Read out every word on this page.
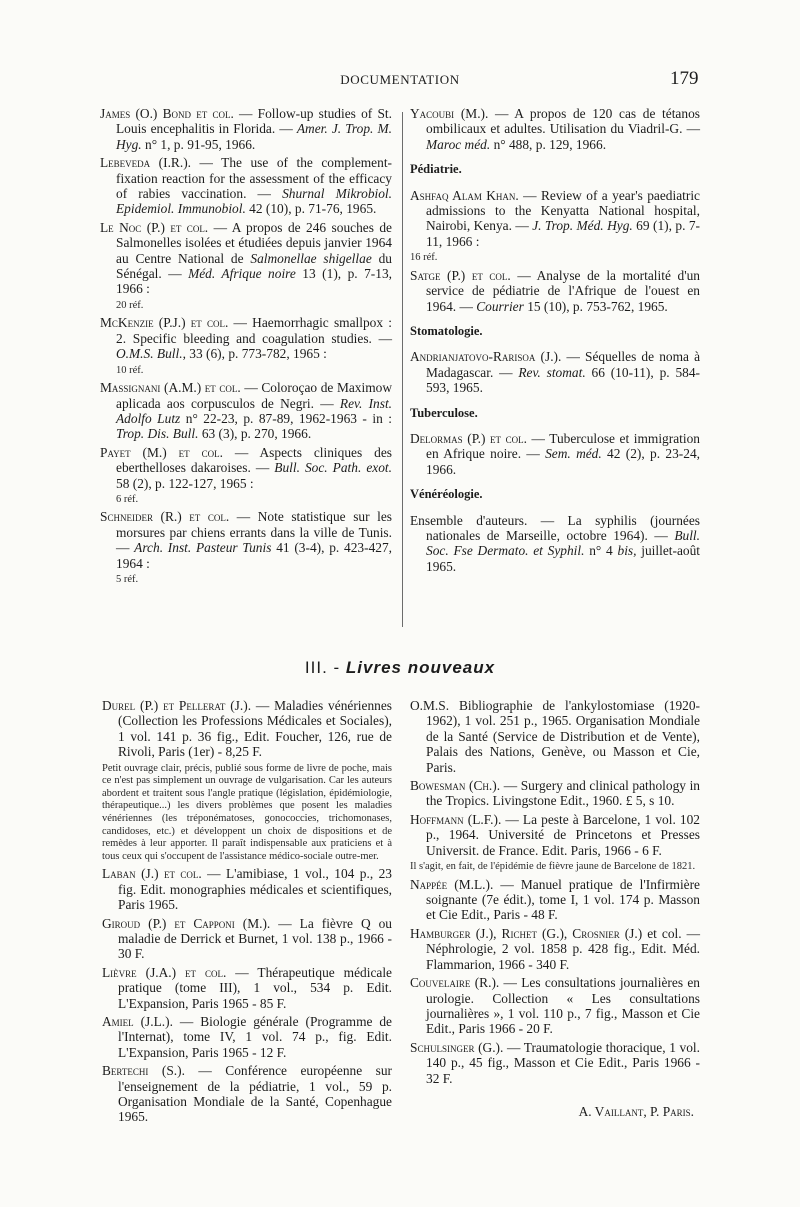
DOCUMENTATION	179
James (O.) Bond et col. — Follow-up studies of St. Louis encephalitis in Florida. — Amer. J. Trop. M. Hyg. n° 1, p. 91-95, 1966.
Lebeveda (I.R.). — The use of the complement-fixation reaction for the assessment of the efficacy of rabies vaccination. — Shurnal Mikrobiol. Epidemiol. Immunobiol. 42 (10), p. 71-76, 1965.
Le Noc (P.) et col. — A propos de 246 souches de Salmonelles isolées et étudiées depuis janvier 1964 au Centre National de Salmonellae shigellae du Sénégal. — Méd. Afrique noire 13 (1), p. 7-13, 1966 :
20 réf.
McKenzie (P.J.) et col. — Haemorrhagic smallpox : 2. Specific bleeding and coagulation studies. — O.M.S. Bull., 33 (6), p. 773-782, 1965 :
10 réf.
Massignani (A.M.) et col. — Coloroçao de Maximow aplicada aos corpusculos de Negri. — Rev. Inst. Adolfo Lutz n° 22-23, p. 87-89, 1962-1963 - in : Trop. Dis. Bull. 63 (3), p. 270, 1966.
Payet (M.) et col. — Aspects cliniques des eberthelloses dakaroises. — Bull. Soc. Path. exot. 58 (2), p. 122-127, 1965 :
6 réf.
Schneider (R.) et col. — Note statistique sur les morsures par chiens errants dans la ville de Tunis. — Arch. Inst. Pasteur Tunis 41 (3-4), p. 423-427, 1964 :
5 réf.
Yacoubi (M.). — A propos de 120 cas de tétanos ombilicaux et adultes. Utilisation du Viadril-G. — Maroc méd. n° 488, p. 129, 1966.
Pédiatrie.
Ashfaq Alam Khan. — Review of a year's paediatric admissions to the Kenyatta National hospital, Nairobi, Kenya. — J. Trop. Méd. Hyg. 69 (1), p. 7-11, 1966 :
16 réf.
Satge (P.) et col. — Analyse de la mortalité d'un service de pédiatrie de l'Afrique de l'ouest en 1964. — Courrier 15 (10), p. 753-762, 1965.
Stomatologie.
Andrianjatovo-Rarisoa (J.). — Séquelles de noma à Madagascar. — Rev. stomat. 66 (10-11), p. 584-593, 1965.
Tuberculose.
Delormas (P.) et col. — Tuberculose et immigration en Afrique noire. — Sem. méd. 42 (2), p. 23-24, 1966.
Vénéréologie.
Ensemble d'auteurs. — La syphilis (journées nationales de Marseille, octobre 1964). — Bull. Soc. Fse Dermato. et Syphil. n° 4 bis, juillet-août 1965.
III. - Livres nouveaux
Durel (P.) et Pellerat (J.). — Maladies vénériennes (Collection les Professions Médicales et Sociales), 1 vol. 141 p. 36 fig., Edit. Foucher, 126, rue de Rivoli, Paris (1er) - 8,25 F.
Petit ouvrage clair, précis, publié sous forme de livre de poche, mais ce n'est pas simplement un ouvrage de vulgarisation. Car les auteurs abordent et traitent sous l'angle pratique (législation, épidémiologie, thérapeutique...) les divers problèmes que posent les maladies vénériennes (les tréponématoses, gonococcies, trichomonases, candidoses, etc.) et développent un choix de dispositions et de remèdes à leur apporter. Il paraît indispensable aux praticiens et à tous ceux qui s'occupent de l'assistance médico-sociale outre-mer.
Laban (J.) et col. — L'amibiase, 1 vol., 104 p., 23 fig. Edit. monographies médicales et scientifiques, Paris 1965.
Giroud (P.) et Capponi (M.). — La fièvre Q ou maladie de Derrick et Burnet, 1 vol. 138 p., 1966 - 30 F.
Lièvre (J.A.) et col. — Thérapeutique médicale pratique (tome III), 1 vol., 534 p. Edit. L'Expansion, Paris 1965 - 85 F.
Amiel (J.L.). — Biologie générale (Programme de l'Internat), tome IV, 1 vol. 74 p., fig. Edit. L'Expansion, Paris 1965 - 12 F.
Bertechi (S.). — Conférence européenne sur l'enseignement de la pédiatrie, 1 vol., 59 p. Organisation Mondiale de la Santé, Copenhague 1965.
O.M.S. Bibliographie de l'ankylostomiase (1920-1962), 1 vol. 251 p., 1965. Organisation Mondiale de la Santé (Service de Distribution et de Vente), Palais des Nations, Genève, ou Masson et Cie, Paris.
Bowesman (Ch.). — Surgery and clinical pathology in the Tropics. Livingstone Edit., 1960. £ 5, s 10.
Hoffmann (L.F.). — La peste à Barcelone, 1 vol. 102 p., 1964. Université de Princetons et Presses Universit. de France. Edit. Paris, 1966 - 6 F.
Il s'agit, en fait, de l'épidémie de fièvre jaune de Barcelone de 1821.
Nappée (M.L.). — Manuel pratique de l'Infirmière soignante (7e édit.), tome I, 1 vol. 174 p. Masson et Cie Edit., Paris - 48 F.
Hamburger (J.), Richet (G.), Crosnier (J.) et col. — Néphrologie, 2 vol. 1858 p. 428 fig., Edit. Méd. Flammarion, 1966 - 340 F.
Couvelaire (R.). — Les consultations journalières en urologie. Collection « Les consultations journalières », 1 vol. 110 p., 7 fig., Masson et Cie Edit., Paris 1966 - 20 F.
Schulsinger (G.). — Traumatologie thoracique, 1 vol. 140 p., 45 fig., Masson et Cie Edit., Paris 1966 - 32 F.
A. Vaillant, P. Paris.
